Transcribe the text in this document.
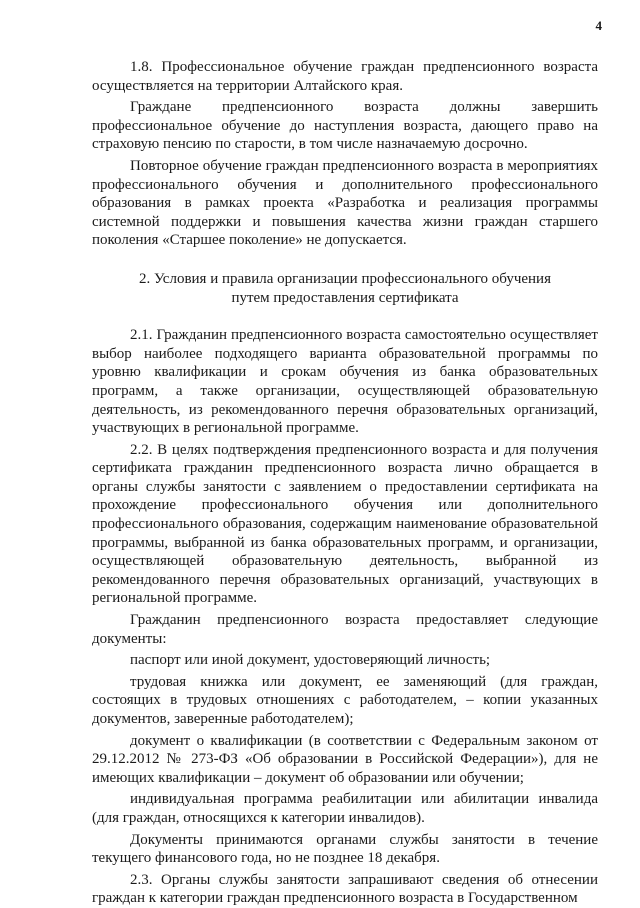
4

1.8. Профессиональное обучение граждан предпенсионного возраста осуществляется на территории Алтайского края.

Граждане предпенсионного возраста должны завершить профессиональное обучение до наступления возраста, дающего право на страховую пенсию по старости, в том числе назначаемую досрочно.

Повторное обучение граждан предпенсионного возраста в мероприятиях профессионального обучения и дополнительного профессионального образования в рамках проекта «Разработка и реализация программы системной поддержки и повышения качества жизни граждан старшего поколения «Старшее поколение» не допускается.

2. Условия и правила организации профессионального обучения
путем предоставления сертификата

2.1. Гражданин предпенсионного возраста самостоятельно осуществляет выбор наиболее подходящего варианта образовательной программы по уровню квалификации и срокам обучения из банка образовательных программ, а также организации, осуществляющей образовательную деятельность, из рекомендованного перечня образовательных организаций, участвующих в региональной программе.

2.2. В целях подтверждения предпенсионного возраста и для получения сертификата гражданин предпенсионного возраста лично обращается в органы службы занятости с заявлением о предоставлении сертификата на прохождение профессионального обучения или дополнительного профессионального образования, содержащим наименование образовательной программы, выбранной из банка образовательных программ, и организации, осуществляющей образовательную деятельность, выбранной из рекомендованного перечня образовательных организаций, участвующих в региональной программе.

Гражданин предпенсионного возраста предоставляет следующие документы:

паспорт или иной документ, удостоверяющий личность;

трудовая книжка или документ, ее заменяющий (для граждан, состоящих в трудовых отношениях с работодателем, – копии указанных документов, заверенные работодателем);

документ о квалификации (в соответствии с Федеральным законом от 29.12.2012 № 273-ФЗ «Об образовании в Российской Федерации»), для не имеющих квалификации – документ об образовании или обучении;

индивидуальная программа реабилитации или абилитации инвалида (для граждан, относящихся к категории инвалидов).

Документы принимаются органами службы занятости в течение текущего финансового года, но не позднее 18 декабря.

2.3. Органы службы занятости запрашивают сведения об отнесении граждан к категории граждан предпенсионного возраста в Государственном
